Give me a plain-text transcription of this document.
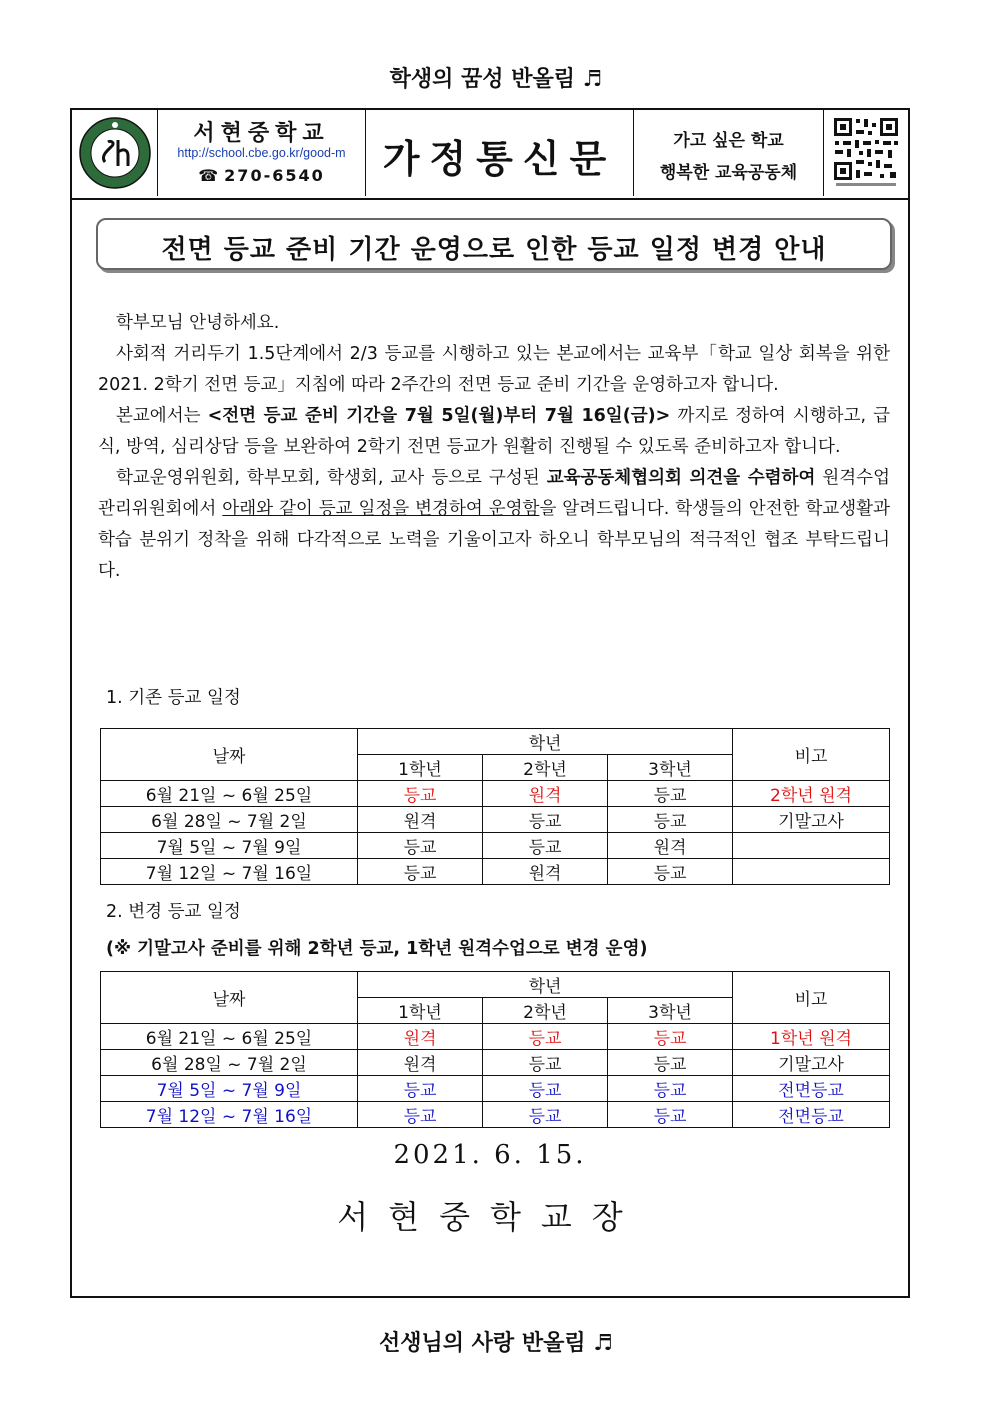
학생의 꿈성 반올림 ♬
서현중학교
http://school.cbe.go.kr/good-m
☎ 270-6540	가정통신문	가고 싶은 학교
행복한 교육공동체
전면 등교 준비 기간 운영으로 인한 등교 일정 변경 안내

학부모님 안녕하세요.

사회적 거리두기 1.5단계에서 2/3 등교를 시행하고 있는 본교에서는 교육부「학교 일상 회복을 위한 2021. 2학기 전면 등교」지침에 따라 2주간의 전면 등교 준비 기간을 운영하고자 합니다.

본교에서는 <전면 등교 준비 기간을 7월 5일(월)부터 7월 16일(금)> 까지로 정하여 시행하고, 급식, 방역, 심리상담 등을 보완하여 2학기 전면 등교가 원활히 진행될 수 있도록 준비하고자 합니다.

학교운영위원회, 학부모회, 학생회, 교사 등으로 구성된 교육공동체협의회 의견을 수렴하여 원격수업관리위원회에서 아래와 같이 등교 일정을 변경하여 운영함을 알려드립니다. 학생들의 안전한 학교생활과 학습 분위기 정착을 위해 다각적으로 노력을 기울이고자 하오니 학부모님의 적극적인 협조 부탁드립니다.

1. 기존 등교 일정
날짜	학년			비고
	1학년	2학년	3학년	
6월 21일 ~ 6월 25일	등교	원격	등교	2학년 원격
6월 28일 ~ 7월 2일	원격	등교	등교	기말고사
7월 5일 ~ 7월 9일	등교	등교	원격	
7월 12일 ~ 7월 16일	등교	원격	등교	
2. 변경 등교 일정
(※ 기말고사 준비를 위해 2학년 등교, 1학년 원격수업으로 변경 운영)
날짜	학년			비고
	1학년	2학년	3학년	
6월 21일 ~ 6월 25일	원격	등교	등교	1학년 원격
6월 28일 ~ 7월 2일	원격	등교	등교	기말고사
7월 5일 ~ 7월 9일	등교	등교	등교	전면등교
7월 12일 ~ 7월 16일	등교	등교	등교	전면등교
2021. 6. 15.
서현중학교장
선생님의 사랑 반올림 ♬
